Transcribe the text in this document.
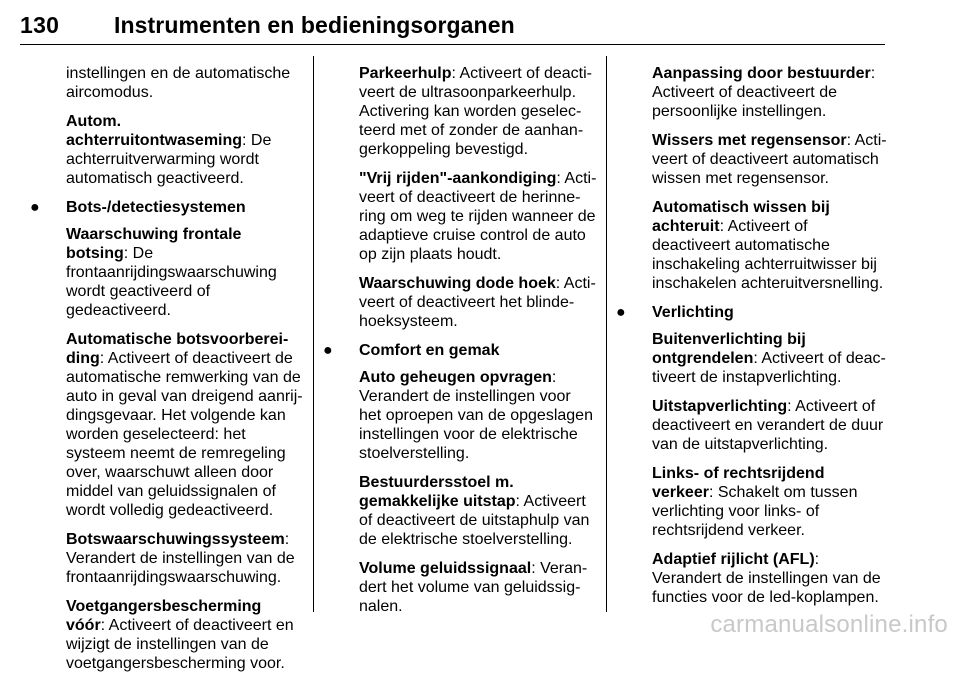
130 Instrumenten en bedieningsorganen

instellingen en de automatische aircomodus.

Autom. achterruitontwaseming: De achterruitverwarming wordt automatisch geactiveerd.

● Bots-/detectiesystemen

Waarschuwing frontale botsing: De frontaanrijdingswaarschuwing wordt geactiveerd of gedeactiveerd.

Automatische botsvoorbereiding: Activeert of deactiveert de automatische remwerking van de auto in geval van dreigend aanrijdingsgevaar. Het volgende kan worden geselecteerd: het systeem neemt de remregeling over, waarschuwt alleen door middel van geluidssignalen of wordt volledig gedeactiveerd.

Botswaarschuwingssysteem: Verandert de instellingen van de frontaanrijdingswaarschuwing.

Voetgangersbescherming vóór: Activeert of deactiveert en wijzigt de instellingen van de voetgangersbescherming voor.

Parkeerhulp: Activeert of deactiveert de ultrasoonparkeerhulp. Activering kan worden geselecteerd met of zonder de aanhangerkoppeling bevestigd.

"Vrij rijden"-aankondiging: Activeert of deactiveert de herinnering om weg te rijden wanneer de adaptieve cruise control de auto op zijn plaats houdt.

Waarschuwing dode hoek: Activeert of deactiveert het blinde-hoeksysteem.

● Comfort en gemak

Auto geheugen opvragen: Verandert de instellingen voor het oproepen van de opgeslagen instellingen voor de elektrische stoelverstelling.

Bestuurdersstoel m. gemakkelijke uitstap: Activeert of deactiveert de uitstaphulp van de elektrische stoelverstelling.

Volume geluidssignaal: Verandert het volume van geluidssignalen.

Aanpassing door bestuurder: Activeert of deactiveert de persoonlijke instellingen.

Wissers met regensensor: Activeert of deactiveert automatisch wissen met regensensor.

Automatisch wissen bij achteruit: Activeert of deactiveert automatische inschakeling achterruitwisser bij inschakelen achteruitversnelling.

● Verlichting

Buitenverlichting bij ontgrendelen: Activeert of deactiveert de instapverlichting.

Uitstapverlichting: Activeert of deactiveert en verandert de duur van de uitstapverlichting.

Links- of rechtsrijdend verkeer: Schakelt om tussen verlichting voor links- of rechtsrijdend verkeer.

Adaptief rijlicht (AFL): Verandert de instellingen van de functies voor de led-koplampen.

carmanualsonline.info
